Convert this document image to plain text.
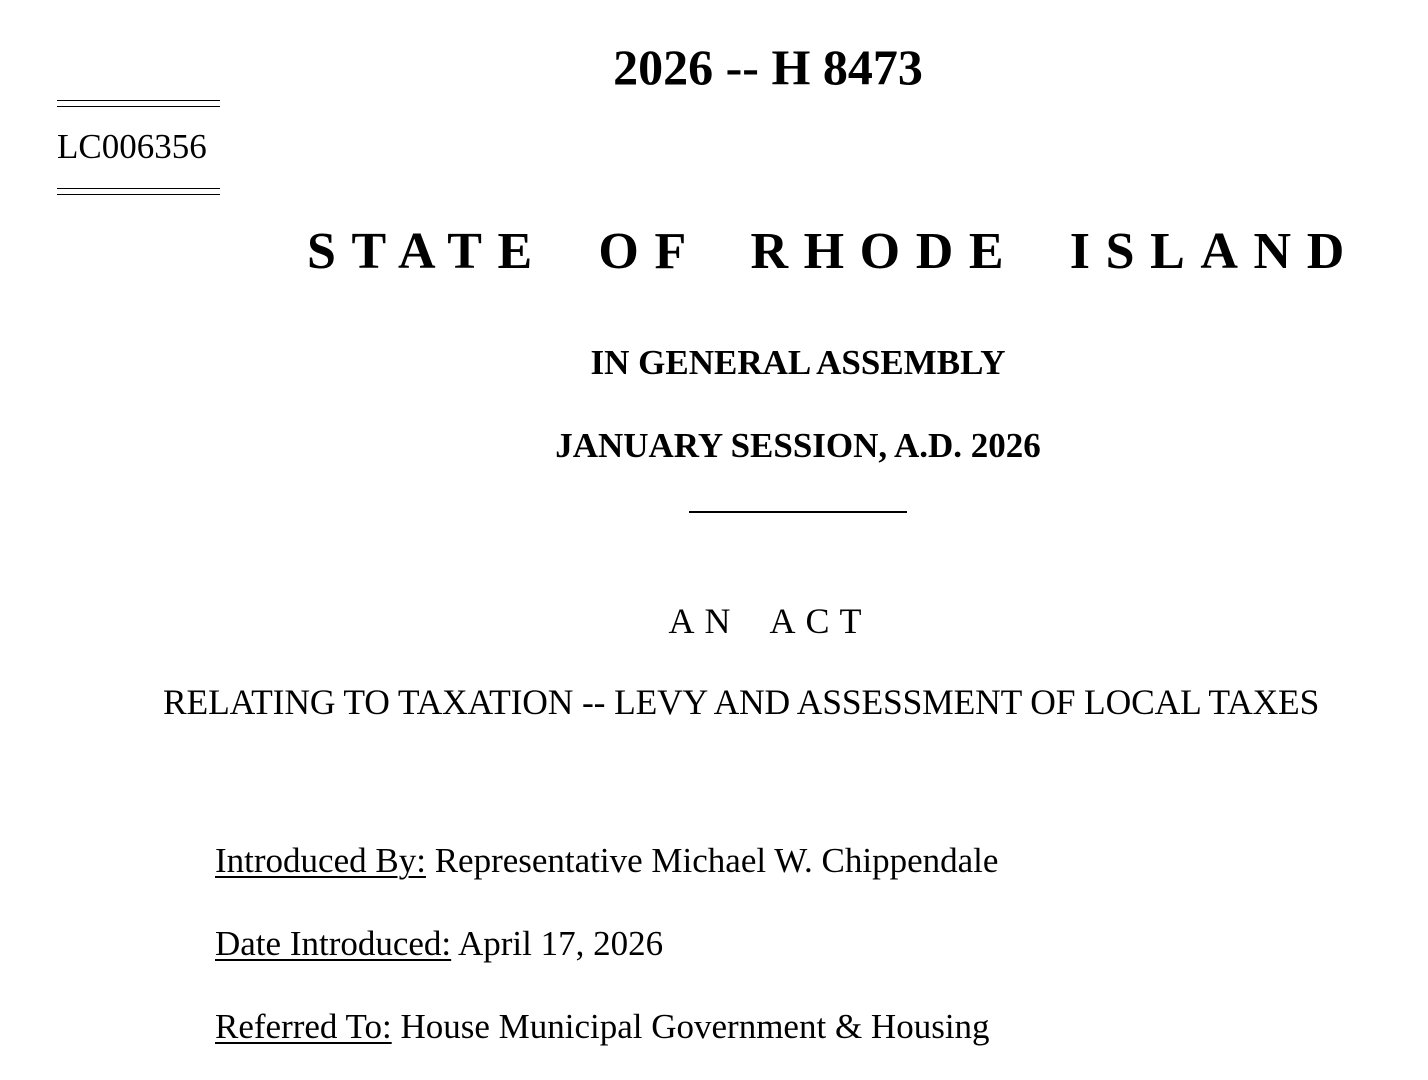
2026 -- H 8473
LC006356
STATE OF RHODE ISLAND
IN GENERAL ASSEMBLY
JANUARY SESSION, A.D. 2026
AN ACT
RELATING TO TAXATION -- LEVY AND ASSESSMENT OF LOCAL TAXES
Introduced By: Representative Michael W. Chippendale
Date Introduced: April 17, 2026
Referred To: House Municipal Government & Housing
